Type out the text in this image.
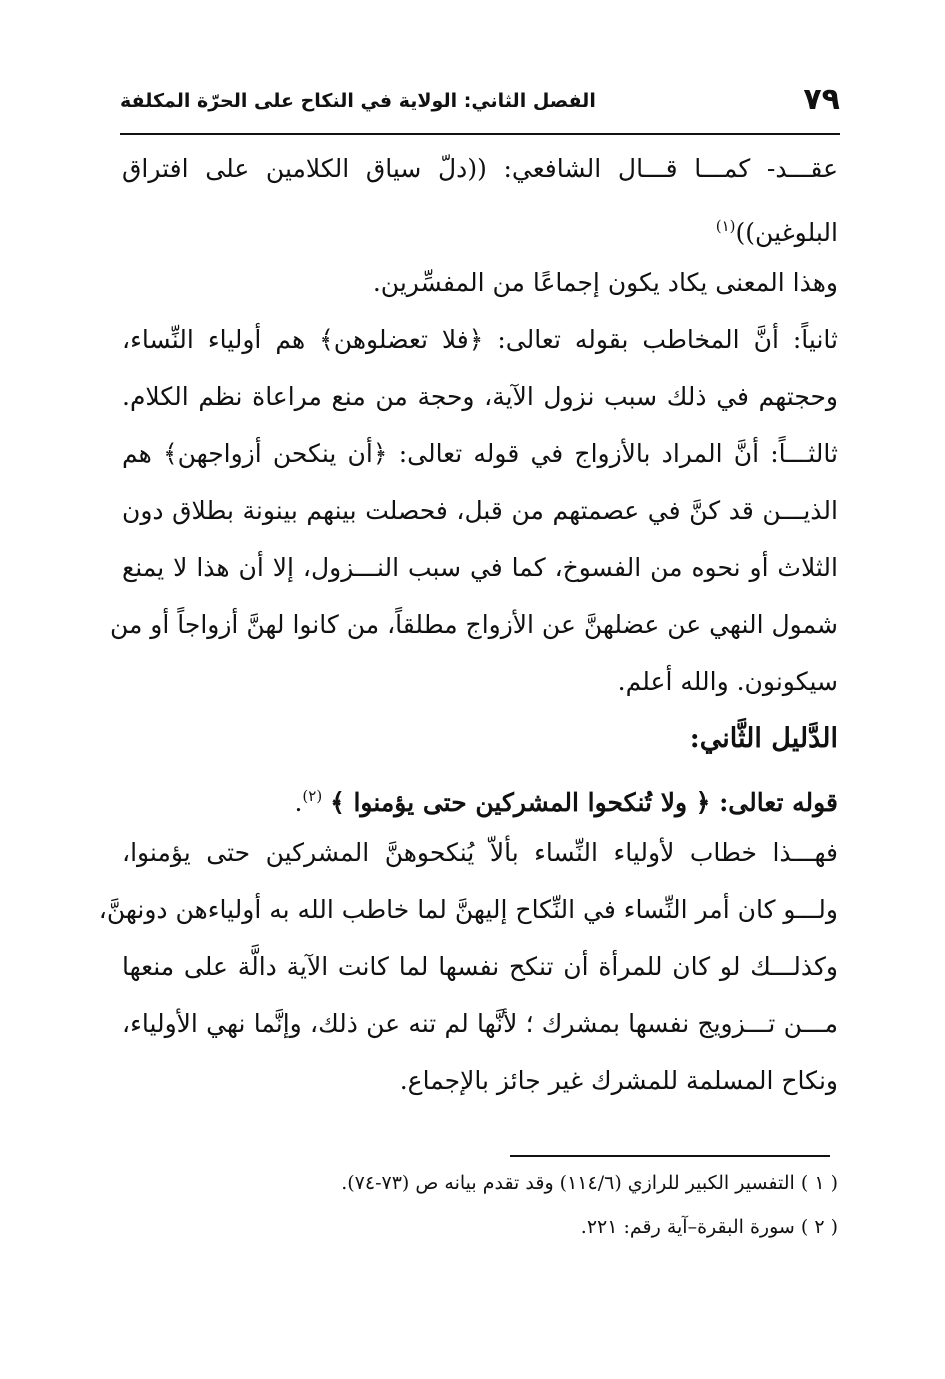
الفصل الثاني: الولاية في النكاح على الحرّة المكلفة	٧٩
عقـــد- كمـــا قـــال الشافعي: ((دلّ سياق الكلامين على افتراق
البلوغين))$^{(١)}$
وهذا المعنى يكاد يكون إجماعًا من المفسِّرين.
ثانياً: أنَّ المخاطب بقوله تعالى: ﴿فلا تعضلوهن﴾ هم أولياء النِّساء،
وحجتهم في ذلك سبب نزول الآية، وحجة من منع مراعاة نظم الكلام.
ثالثـــاً: أنَّ المراد بالأزواج في قوله تعالى: ﴿أن ينكحن أزواجهن﴾ هم
الذيـــن قد كنَّ في عصمتهم من قبل، فحصلت بينهم بينونة بطلاق دون
الثلاث أو نحوه من الفسوخ، كما في سبب النـــزول، إلا أن هذا لا يمنع
شمول النهي عن عضلهنَّ عن الأزواج مطلقاً، من كانوا لهنَّ أزواجاً أو من
سيكونون. والله أعلم.
الدَّليل الثَّاني:
قوله تعالى: ﴿ ولا تُنكحوا المشركين حتى يؤمنوا ﴾ $^{(٢)}$.
فهـــذا خطاب لأولياء النِّساء بألاّ يُنكحوهنَّ المشركين حتى يؤمنوا،
ولـــو كان أمر النِّساء في النِّكاح إليهنَّ لما خاطب الله به أولياءهن دونهنَّ،
وكذلـــك لو كان للمرأة أن تنكح نفسها لما كانت الآية دالَّة على منعها
مـــن تـــزويج نفسها بمشرك ؛ لأنَّها لم تنه عن ذلك، وإنَّما نهي الأولياء،
ونكاح المسلمة للمشرك غير جائز بالإجماع.
( ١ ) التفسير الكبير للرازي (١١٤/٦) وقد تقدم بيانه ص (٧٣-٧٤).
( ٢ ) سورة البقرة–آية رقم: ٢٢١.
